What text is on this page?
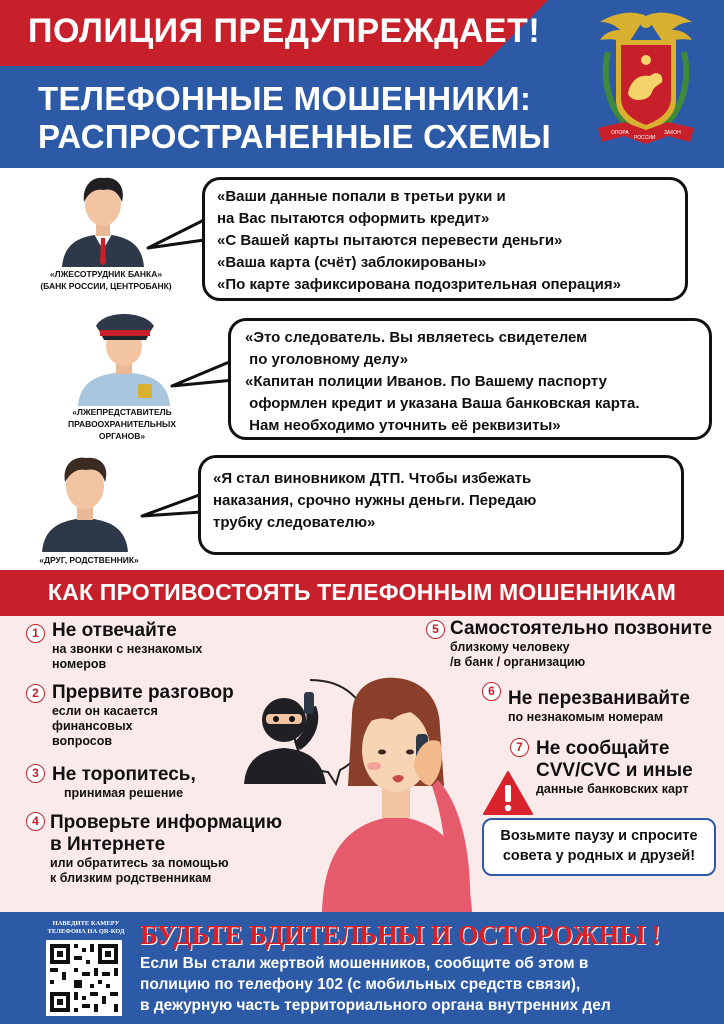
ПОЛИЦИЯ ПРЕДУПРЕЖДАЕТ!
ТЕЛЕФОННЫЕ МОШЕННИКИ:
РАСПРОСТРАНЕННЫЕ СХЕМЫ	ОПОРА
РОССИИ
ЗАКОН
«ЛЖЕСОТРУДНИК БАНКА»
(БАНК РОССИИ, ЦЕНТРОБАНК)
«Ваши данные попали в третьи руки и
на Вас пытаются оформить кредит»
«С Вашей карты пытаются перевести деньги»
«Ваша карта (счёт) заблокированы»
«По карте зафиксирована подозрительная операция»
«ЛЖЕПРЕДСТАВИТЕЛЬ
ПРАВООХРАНИТЕЛЬНЫХ
ОРГАНОВ»
«Это следователь. Вы являетесь свидетелем
по уголовному делу»
«Капитан полиции Иванов. По Вашему паспорту
оформлен кредит и указана Ваша банковская карта.
Нам необходимо уточнить её реквизиты»
«ДРУГ, РОДСТВЕННИК»
«Я стал виновником ДТП. Чтобы избежать
наказания, срочно нужны деньги. Передаю
трубку следователю»
КАК ПРОТИВОСТОЯТЬ ТЕЛЕФОННЫМ МОШЕННИКАМ
1 Не отвечайте
на звонки с незнакомых
номеров
2 Прервите разговор
если он касается
финансовых
вопросов
3 Не торопитесь,
принимая решение
4 Проверьте информацию
в Интернете
или обратитесь за помощью
к близким родственникам
5 Самостоятельно позвоните
близкому человеку
/в банк / организацию
6 Не перезванивайте
по незнакомым номерам
7 Не сообщайте
CVV/CVC и иные
данные банковских карт
Возьмите паузу и спросите
совета у родных и друзей!
НАВЕДИТЕ КАМЕРУ
ТЕЛЕФОНА НА QR-КОД БУДЬТЕ БДИТЕЛЬНЫ И ОСТОРОЖНЫ !
Если Вы стали жертвой мошенников, сообщите об этом в
полицию по телефону 102 (с мобильных средств связи),
в дежурную часть территориального органа внутренних дел
